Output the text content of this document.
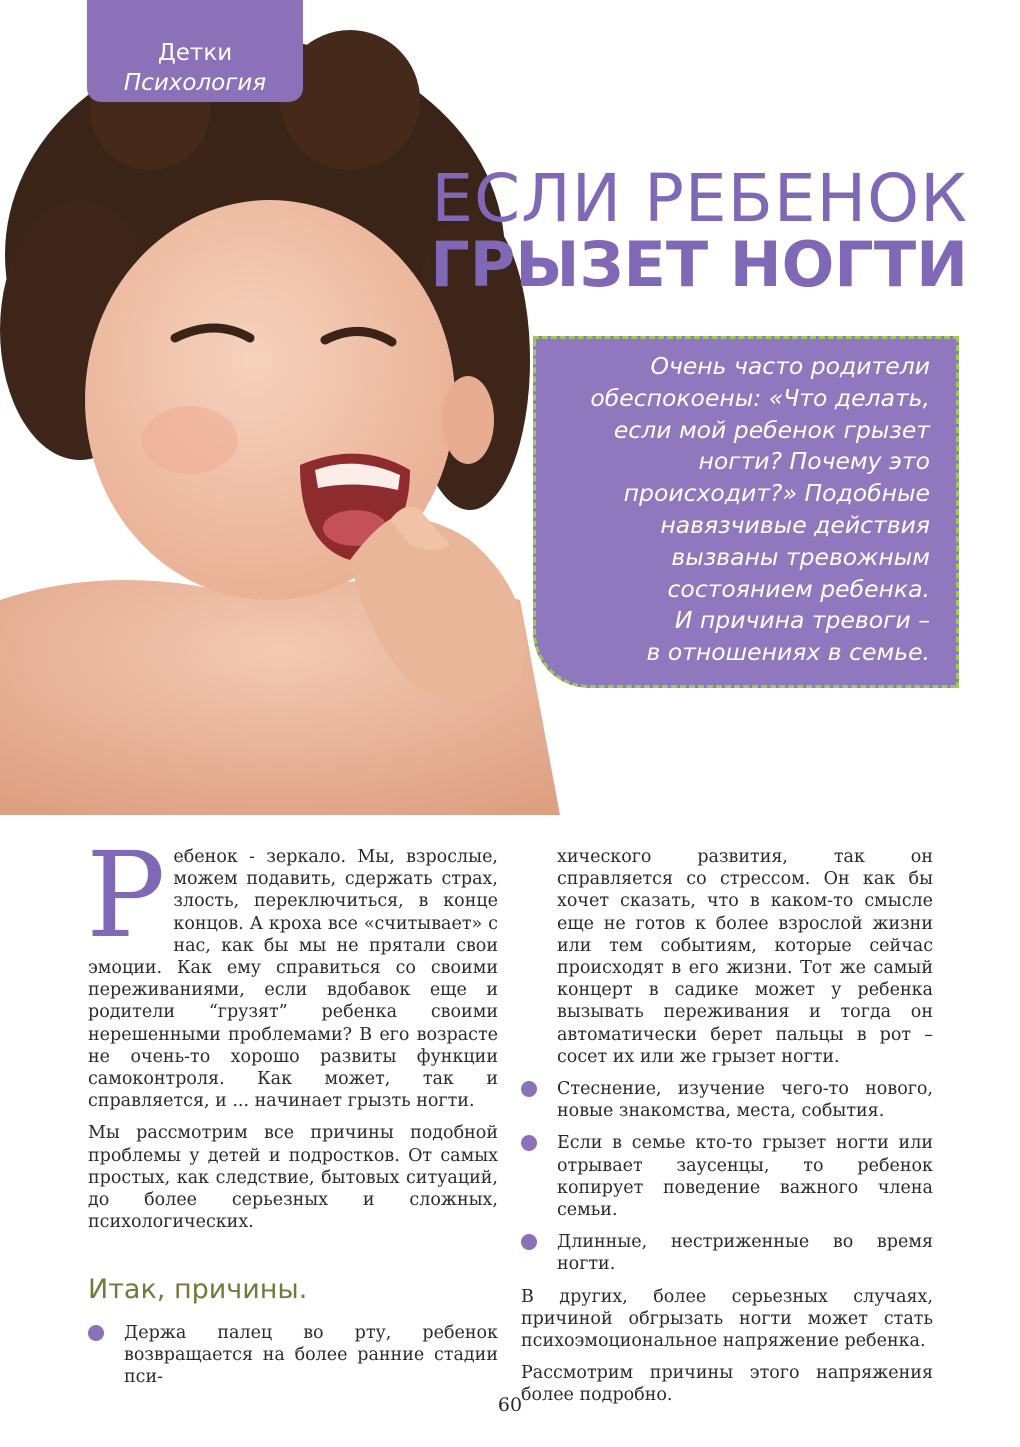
Детки
Психология
ЕСЛИ РЕБЕНОК
ГРЫЗЕТ НОГТИ
Очень часто родители
обеспокоены: «Что делать,
если мой ребенок грызет
ногти? Почему это
происходит?» Подобные
навязчивые действия
вызваны тревожным
состоянием ребенка.
И причина тревоги –
в отношениях в семье.

Ребенок - зеркало. Мы, взрослые, можем подавить, сдержать страх, злость, переключиться, в конце концов. А кроха все «считывает» с нас, как бы мы не прятали свои эмоции. Как ему справиться со своими переживаниями, если вдобавок еще и родители “грузят” ребенка своими нерешенными проблемами? В его возрасте не очень-то хорошо развиты функции самоконтроля. Как может, так и справляется, и ... начинает грызть ногти.

Мы рассмотрим все причины подобной проблемы у детей и подростков. От самых простых, как следствие, бытовых ситуаций, до более серьезных и сложных, психологических.

Итак, причины.
Держа палец во рту, ребенок возвращается на более ранние стадии пси-

хического развития, так он справляется со стрессом. Он как бы хочет сказать, что в каком-то смысле еще не готов к более взрослой жизни или тем событиям, которые сейчас происходят в его жизни. Тот же самый концерт в садике может у ребенка вызывать переживания и тогда он автоматически берет пальцы в рот – сосет их или же грызет ногти.

Стеснение, изучение чего-то нового, новые знакомства, места, события.
Если в семье кто-то грызет ногти или отрывает заусенцы, то ребенок копирует поведение важного члена семьи.
Длинные, нестриженные во время ногти.

В других, более серьезных случаях, причиной обгрызать ногти может стать психоэмоциональное напряжение ребенка.

Рассмотрим причины этого напряжения более подробно.

60
